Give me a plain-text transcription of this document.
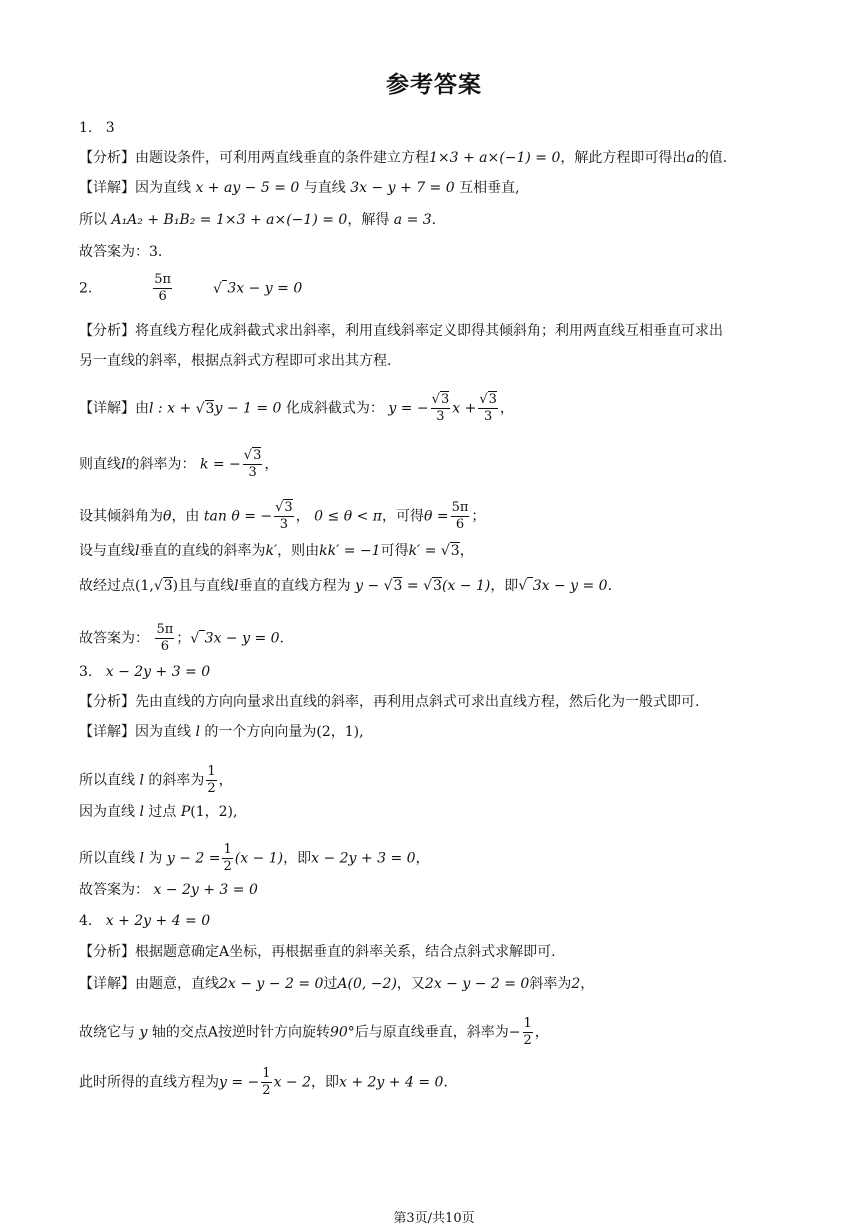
参考答案
1. 3
【分析】由题设条件，可利用两直线垂直的条件建立方程1×3 + a×(−1) = 0，解此方程即可得出a的值.
【详解】因为直线 x + ay − 5 = 0 与直线 3x − y + 7 = 0 互相垂直,
所以 A₁A₂ + B₁B₂ = 1×3 + a×(−1) = 0，解得 a = 3.
故答案为：3.
2.	$\frac{5\pi}{6}$ √	3x − y = 0
【分析】将直线方程化成斜截式求出斜率，利用直线斜率定义即得其倾斜角；利用两直线互相垂直可求出
另一直线的斜率，根据点斜式方程即可求出其方程.
【详解】由l : x + √ 3y − 1 = 0 化成斜截式为： y = − √ $\frac{3}{3}$ x + √ $\frac{3}{3}$ ，
则直线l的斜率为： k = − √ $\frac{3}{3}$ ，
设其倾斜角为θ，由 tan θ = − √ $\frac{3}{3}$ ， 0 ≤ θ < π，可得$\theta = \frac{5\pi}{6}$ ；
设与直线l垂直的直线的斜率为k′，则由kk′ = −1可得k′ = √ 3，
故经过点(1, √ 3)且与直线l垂直的直线方程为 y − √ 3 = √ 3(x − 1)，即 √ 3x − y = 0.
故答案为： $\frac{5\pi}{6}$ ； √ 3x − y = 0.
3. x − 2y + 3 = 0
【分析】先由直线的方向向量求出直线的斜率，再利用点斜式可求出直线方程，然后化为一般式即可.
【详解】因为直线 l 的一个方向向量为(2，1),
所以直线 l 的斜率为 $\frac{1}{2}$ ，
因为直线 l 过点 P(1，2),
所以直线 l 为 $y - 2 = \frac{1}{2} (x - 1)$，即x − 2y + 3 = 0，
故答案为： x − 2y + 3 = 0
4. x + 2y + 4 = 0
【分析】根据题意确定A坐标，再根据垂直的斜率关系，结合点斜式求解即可.
【详解】由题意，直线2x − y − 2 = 0过A(0, −2)，又2x − y − 2 = 0斜率为2，
故绕它与 y 轴的交点A按逆时针方向旋转90°后与原直线垂直，斜率为− $\frac{1}{2}$ ，
此时所得的直线方程为y = − $\frac{1}{2}$ x − 2，即x + 2y + 4 = 0.
第3页/共10页
